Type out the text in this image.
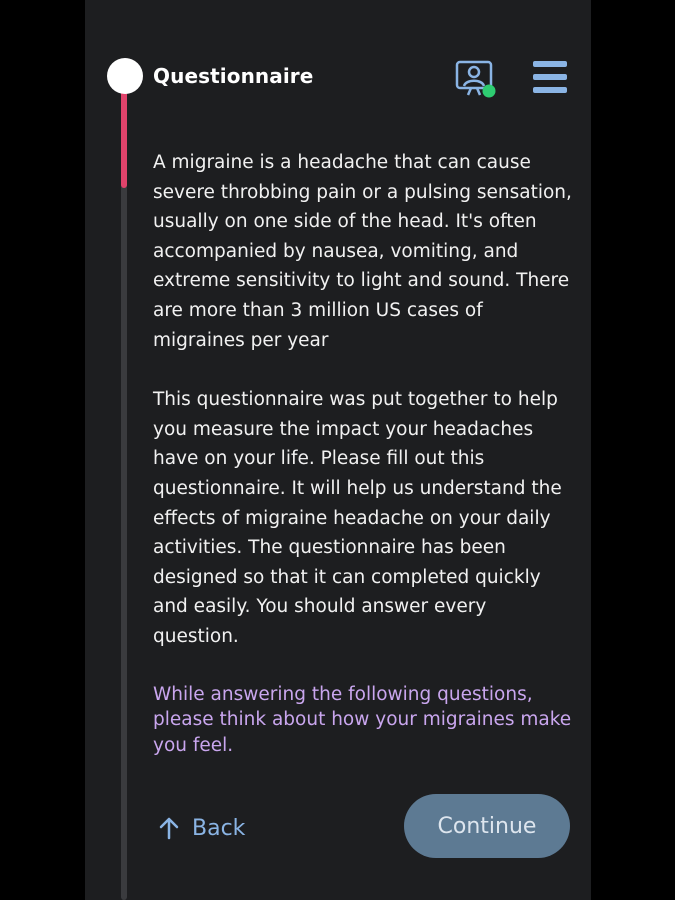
Questionnaire

A migraine is a headache that can cause severe throbbing pain or a pulsing sensation, usually on one side of the head. It's often accompanied by nausea, vomiting, and extreme sensitivity to light and sound. There are more than 3 million US cases of migraines per year

This questionnaire was put together to help you measure the impact your headaches have on your life. Please fill out this questionnaire. It will help us understand the effects of migraine headache on your daily activities. The questionnaire has been designed so that it can completed quickly and easily. You should answer every question.

While answering the following questions, please think about how your migraines make you feel.

Back	Continue
